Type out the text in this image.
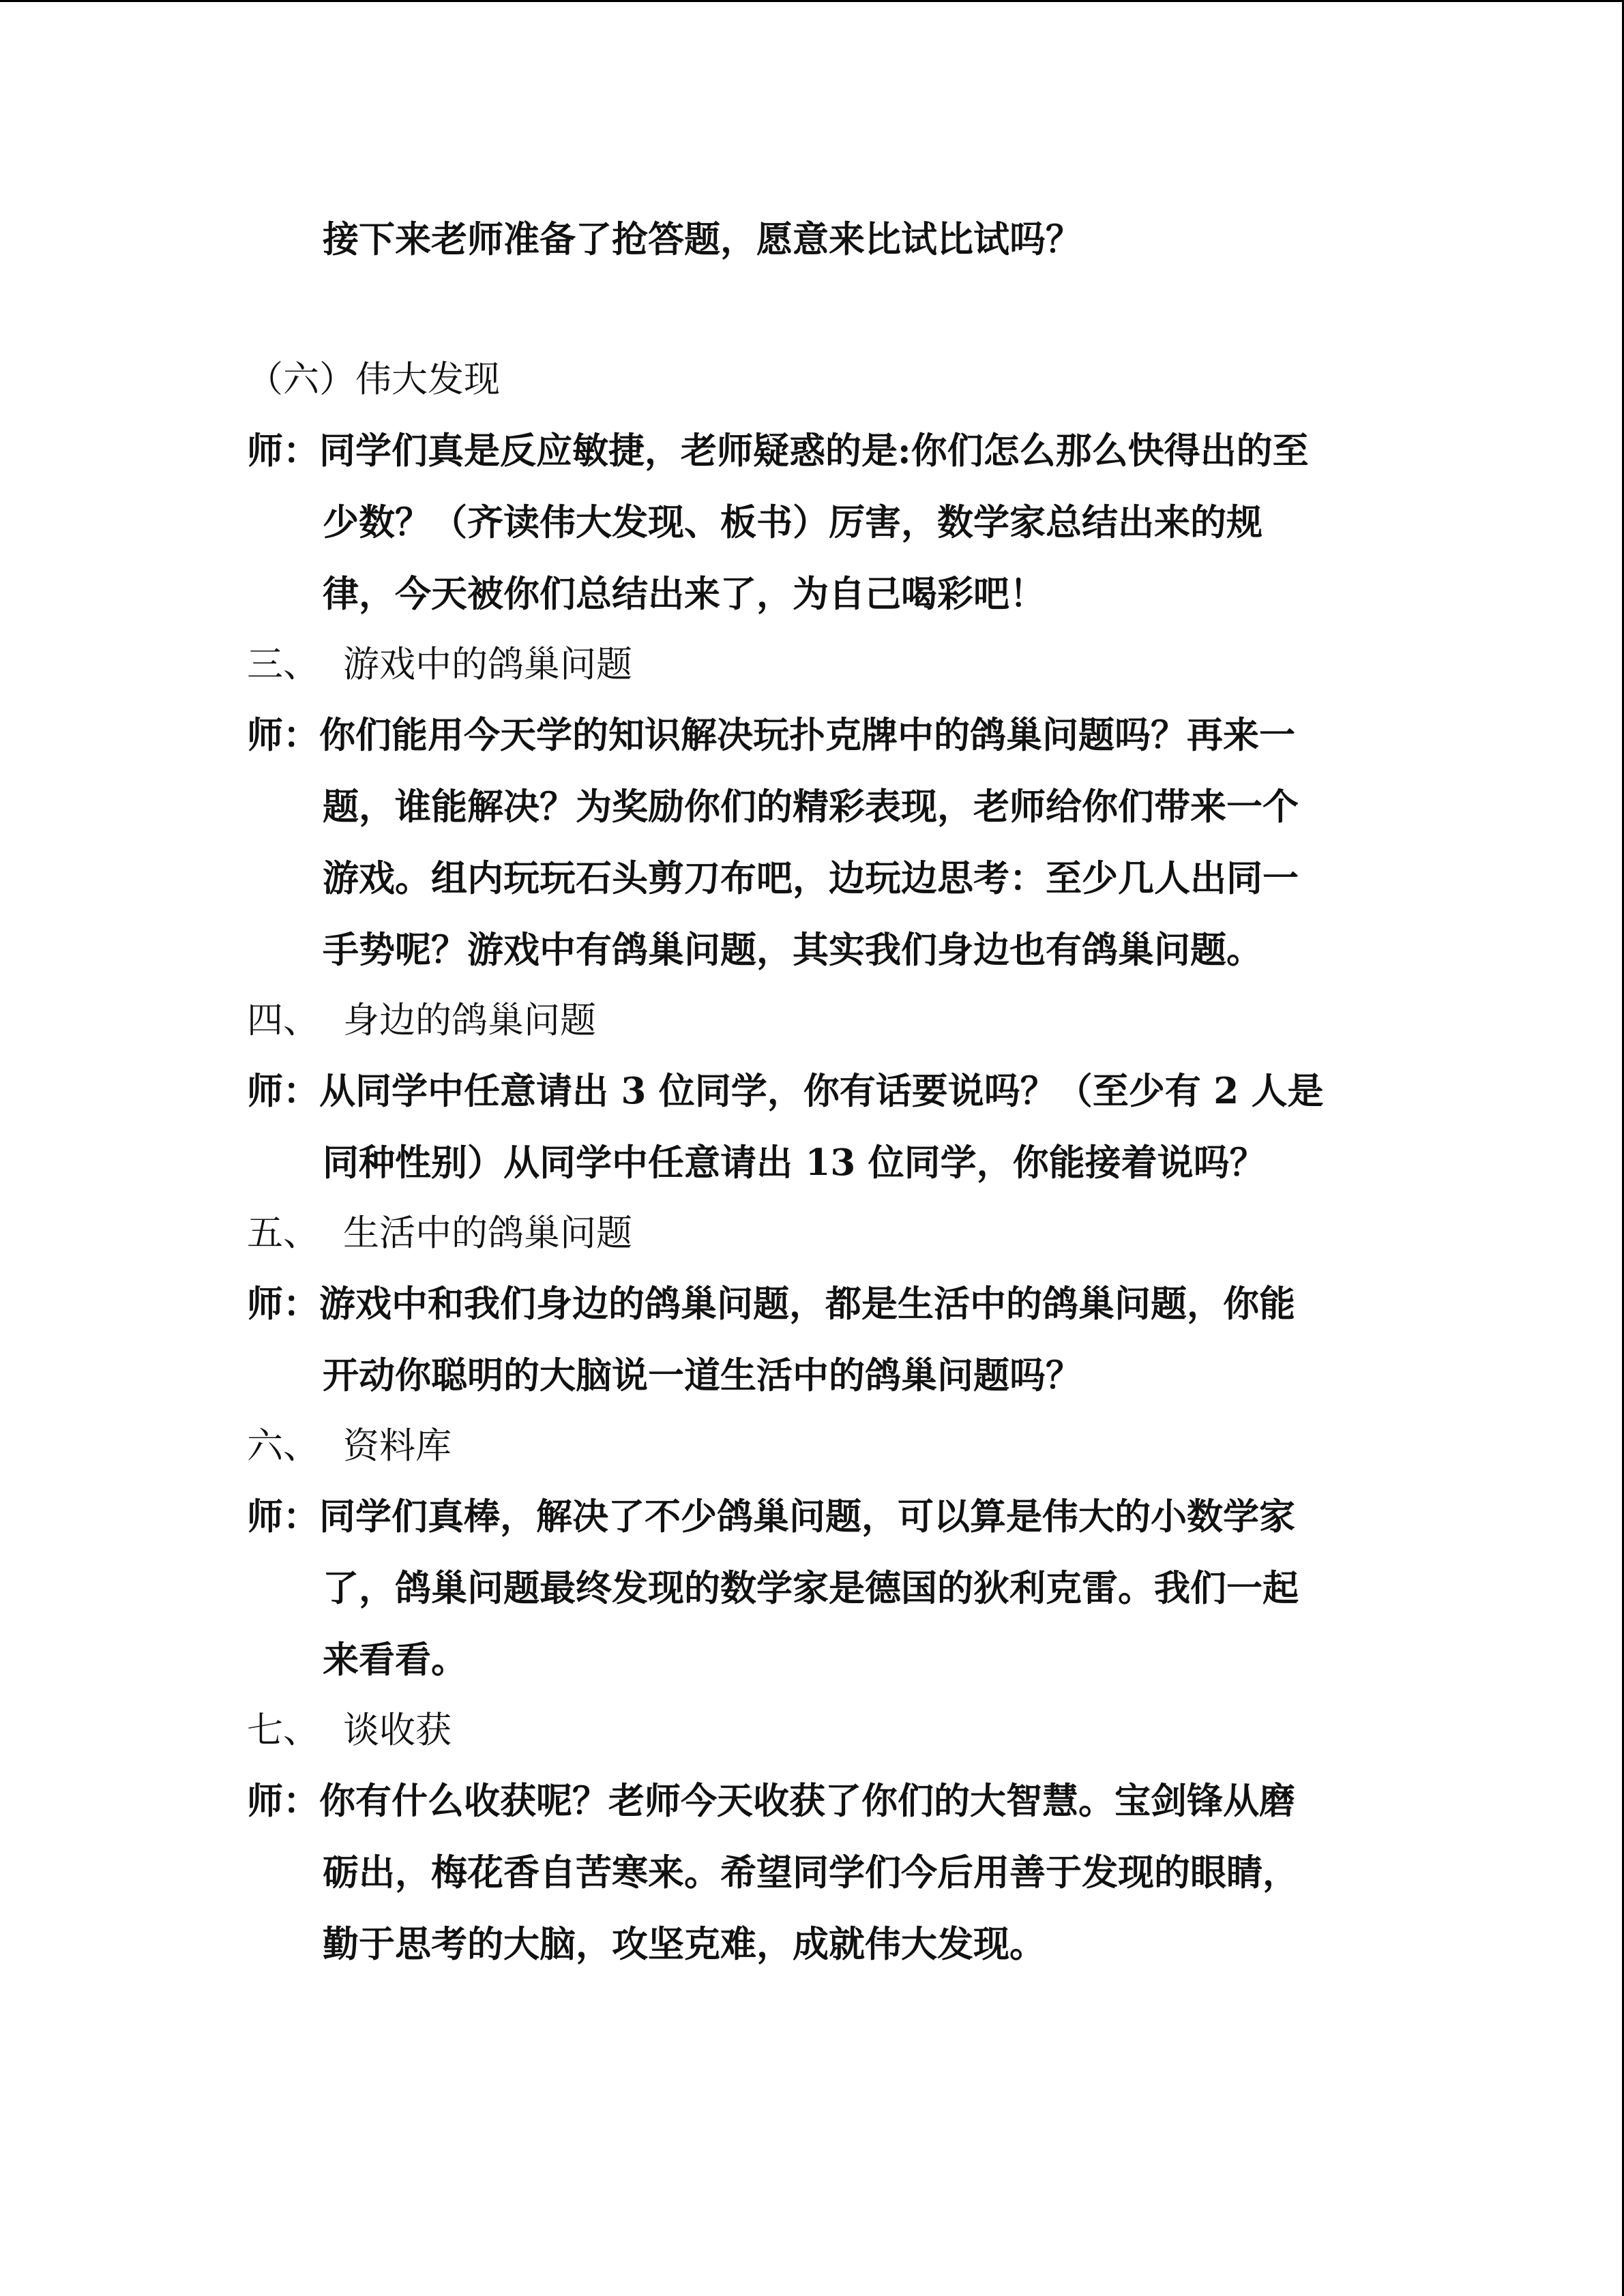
接下来老师准备了抢答题，愿意来比试比试吗？
（六）伟大发现
师：同学们真是反应敏捷，老师疑惑的是:你们怎么那么快得出的至
少数？（齐读伟大发现、板书）厉害，数学家总结出来的规
律，今天被你们总结出来了，为自己喝彩吧！
三、 游戏中的鸽巢问题
师：你们能用今天学的知识解决玩扑克牌中的鸽巢问题吗？再来一
题，谁能解决？为奖励你们的精彩表现，老师给你们带来一个
游戏。组内玩玩石头剪刀布吧，边玩边思考：至少几人出同一
手势呢？游戏中有鸽巢问题，其实我们身边也有鸽巢问题。
四、 身边的鸽巢问题
师：从同学中任意请出 3 位同学，你有话要说吗？（至少有 2 人是
同种性别）从同学中任意请出 13 位同学，你能接着说吗？
五、 生活中的鸽巢问题
师：游戏中和我们身边的鸽巢问题，都是生活中的鸽巢问题，你能
开动你聪明的大脑说一道生活中的鸽巢问题吗？
六、 资料库
师：同学们真棒，解决了不少鸽巢问题，可以算是伟大的小数学家
了，鸽巢问题最终发现的数学家是德国的狄利克雷。我们一起
来看看。
七、 谈收获
师：你有什么收获呢？老师今天收获了你们的大智慧。宝剑锋从磨
砺出，梅花香自苦寒来。希望同学们今后用善于发现的眼睛，
勤于思考的大脑，攻坚克难，成就伟大发现。
